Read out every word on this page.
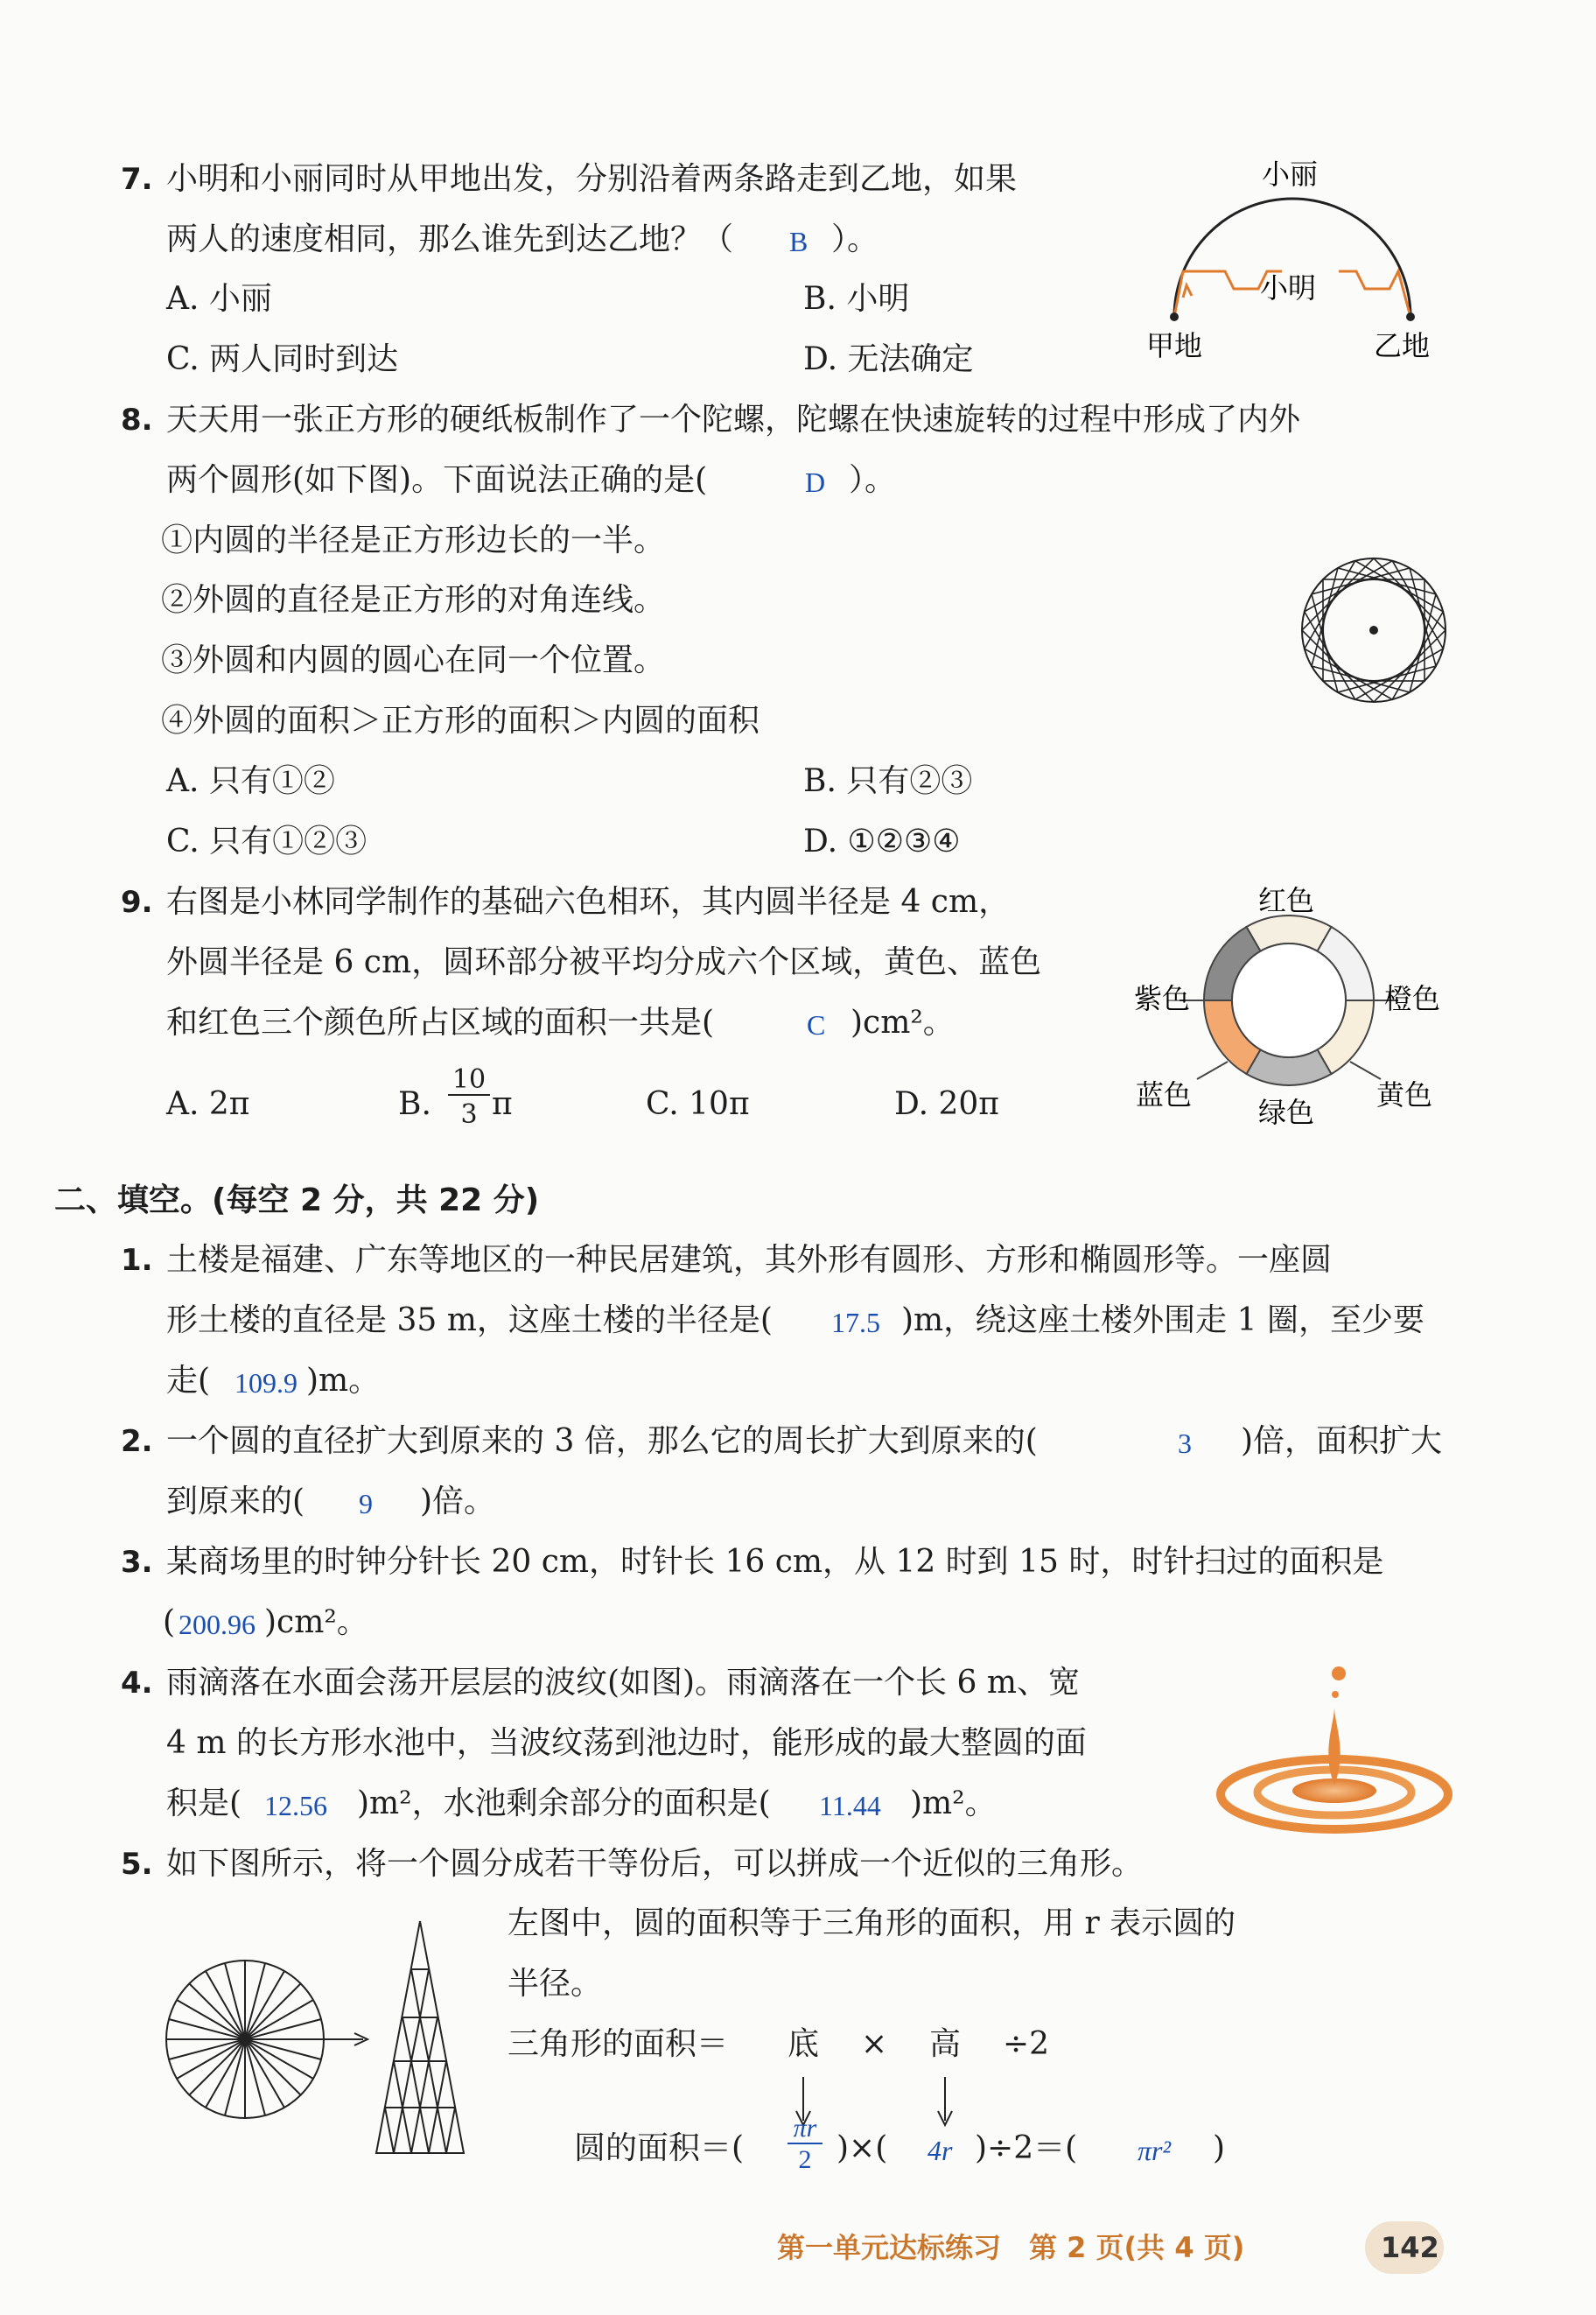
7. 小明和小丽同时从甲地出发，分别沿着两条路走到乙地，如果
两人的速度相同，那么谁先到达乙地？（ B ）。
A. 小丽	B. 小明
C. 两人同时到达	D. 无法确定
小丽
小明
甲地	乙地
8. 天天用一张正方形的硬纸板制作了一个陀螺，陀螺在快速旋转的过程中形成了内外
两个圆形(如下图)。下面说法正确的是(	D ）。
①内圆的半径是正方形边长的一半。
②外圆的直径是正方形的对角连线。
③外圆和内圆的圆心在同一个位置。
④外圆的面积＞正方形的面积＞内圆的面积
A. 只有①②	B. 只有②③
C. 只有①②③	D. ①②③④
9. 右图是小林同学制作的基础六色相环，其内圆半径是 4 cm，
外圆半径是 6 cm，圆环部分被平均分成六个区域，黄色、蓝色
和红色三个颜色所占区域的面积一共是(	C )cm²。
A. 2π	B.
10
3 π	C. 10π	D. 20π
红色
橙色
黄色
绿色
蓝色
紫色
二、填空。(每空 2 分，共 22 分)
1. 土楼是福建、广东等地区的一种民居建筑，其外形有圆形、方形和椭圆形等。一座圆
形土楼的直径是 35 m，这座土楼的半径是( 17.5 )m，绕这座土楼外围走 1 圈，至少要
走( 109.9 )m。
2. 一个圆的直径扩大到原来的 3 倍，那么它的周长扩大到原来的(	3 )倍，面积扩大
到原来的( 9 )倍。
3. 某商场里的时钟分针长 20 cm，时针长 16 cm，从 12 时到 15 时，时针扫过的面积是
( 200.96 )cm²。
4. 雨滴落在水面会荡开层层的波纹(如图)。雨滴落在一个长 6 m、宽
4 m 的长方形水池中，当波纹荡到池边时，能形成的最大整圆的面
积是( 12.56 )m²，水池剩余部分的面积是( 11.44 )m²。
5. 如下图所示，将一个圆分成若干等份后，可以拼成一个近似的三角形。
左图中，圆的面积等于三角形的面积，用 r 表示圆的
半径。
三角形的面积＝ 底 × 高 ÷2
圆的面积＝(
πr
2 )×( 4r )÷2＝( πr² )
第一单元达标练习　第 2 页(共 4 页)	142
